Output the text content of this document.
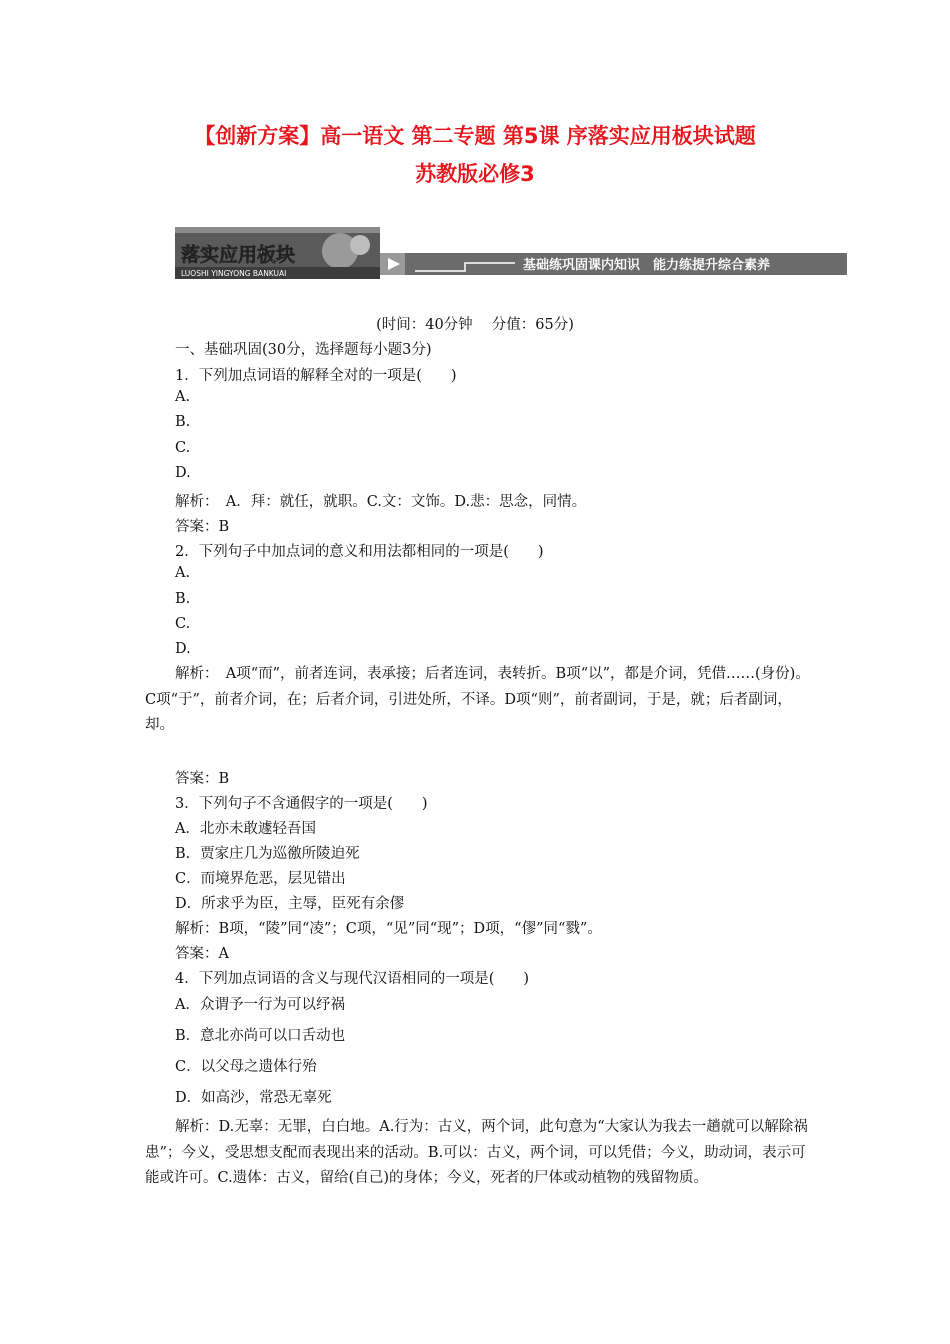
【创新方案】高一语文 第二专题 第5课 序落实应用板块试题
苏教版必修3
落实应用板块
LUOSHI YINGYONG BANKUAI
基础练巩固课内知识　能力练提升综合素养
(时间：40分钟　 分值：65分)
一、基础巩固(30分，选择题每小题3分)
1．下列加点词语的解释全对的一项是(　　)
A.
B.
C.
D.
解析：　A．拜：就任，就职。C.文：文饰。D.悲：思念，同情。
答案：B
2．下列句子中加点词的意义和用法都相同的一项是(　　)
A.
B.
C.
D.
解析：　A项“而”，前者连词，表承接；后者连词，表转折。B项“以”，都是介词，凭借……(身份)。C项“于”，前者介词，在；后者介词，引进处所，不译。D项“则”，前者副词，于是，就；后者副词，却。
答案：B
3．下列句子不含通假字的一项是(　　)
A．北亦未敢遽轻吾国
B．贾家庄几为巡徼所陵迫死
C．而境界危恶，层见错出
D．所求乎为臣，主辱，臣死有余僇
解析：B项，“陵”同“凌”；C项，“见”同“现”；D项，“僇”同“戮”。
答案：A
4．下列加点词语的含义与现代汉语相同的一项是(　　)
A．众谓予一行为可以纾祸
B．意北亦尚可以口舌动也
C．以父母之遗体行殆
D．如高沙，常恐无辜死
解析：D.无辜：无罪，白白地。A.行为：古义，两个词，此句意为“大家认为我去一趟就可以解除祸患”；今义，受思想支配而表现出来的活动。B.可以：古义，两个词，可以凭借；今义，助动词，表示可能或许可。C.遗体：古义，留给(自己)的身体；今义，死者的尸体或动植物的残留物质。
